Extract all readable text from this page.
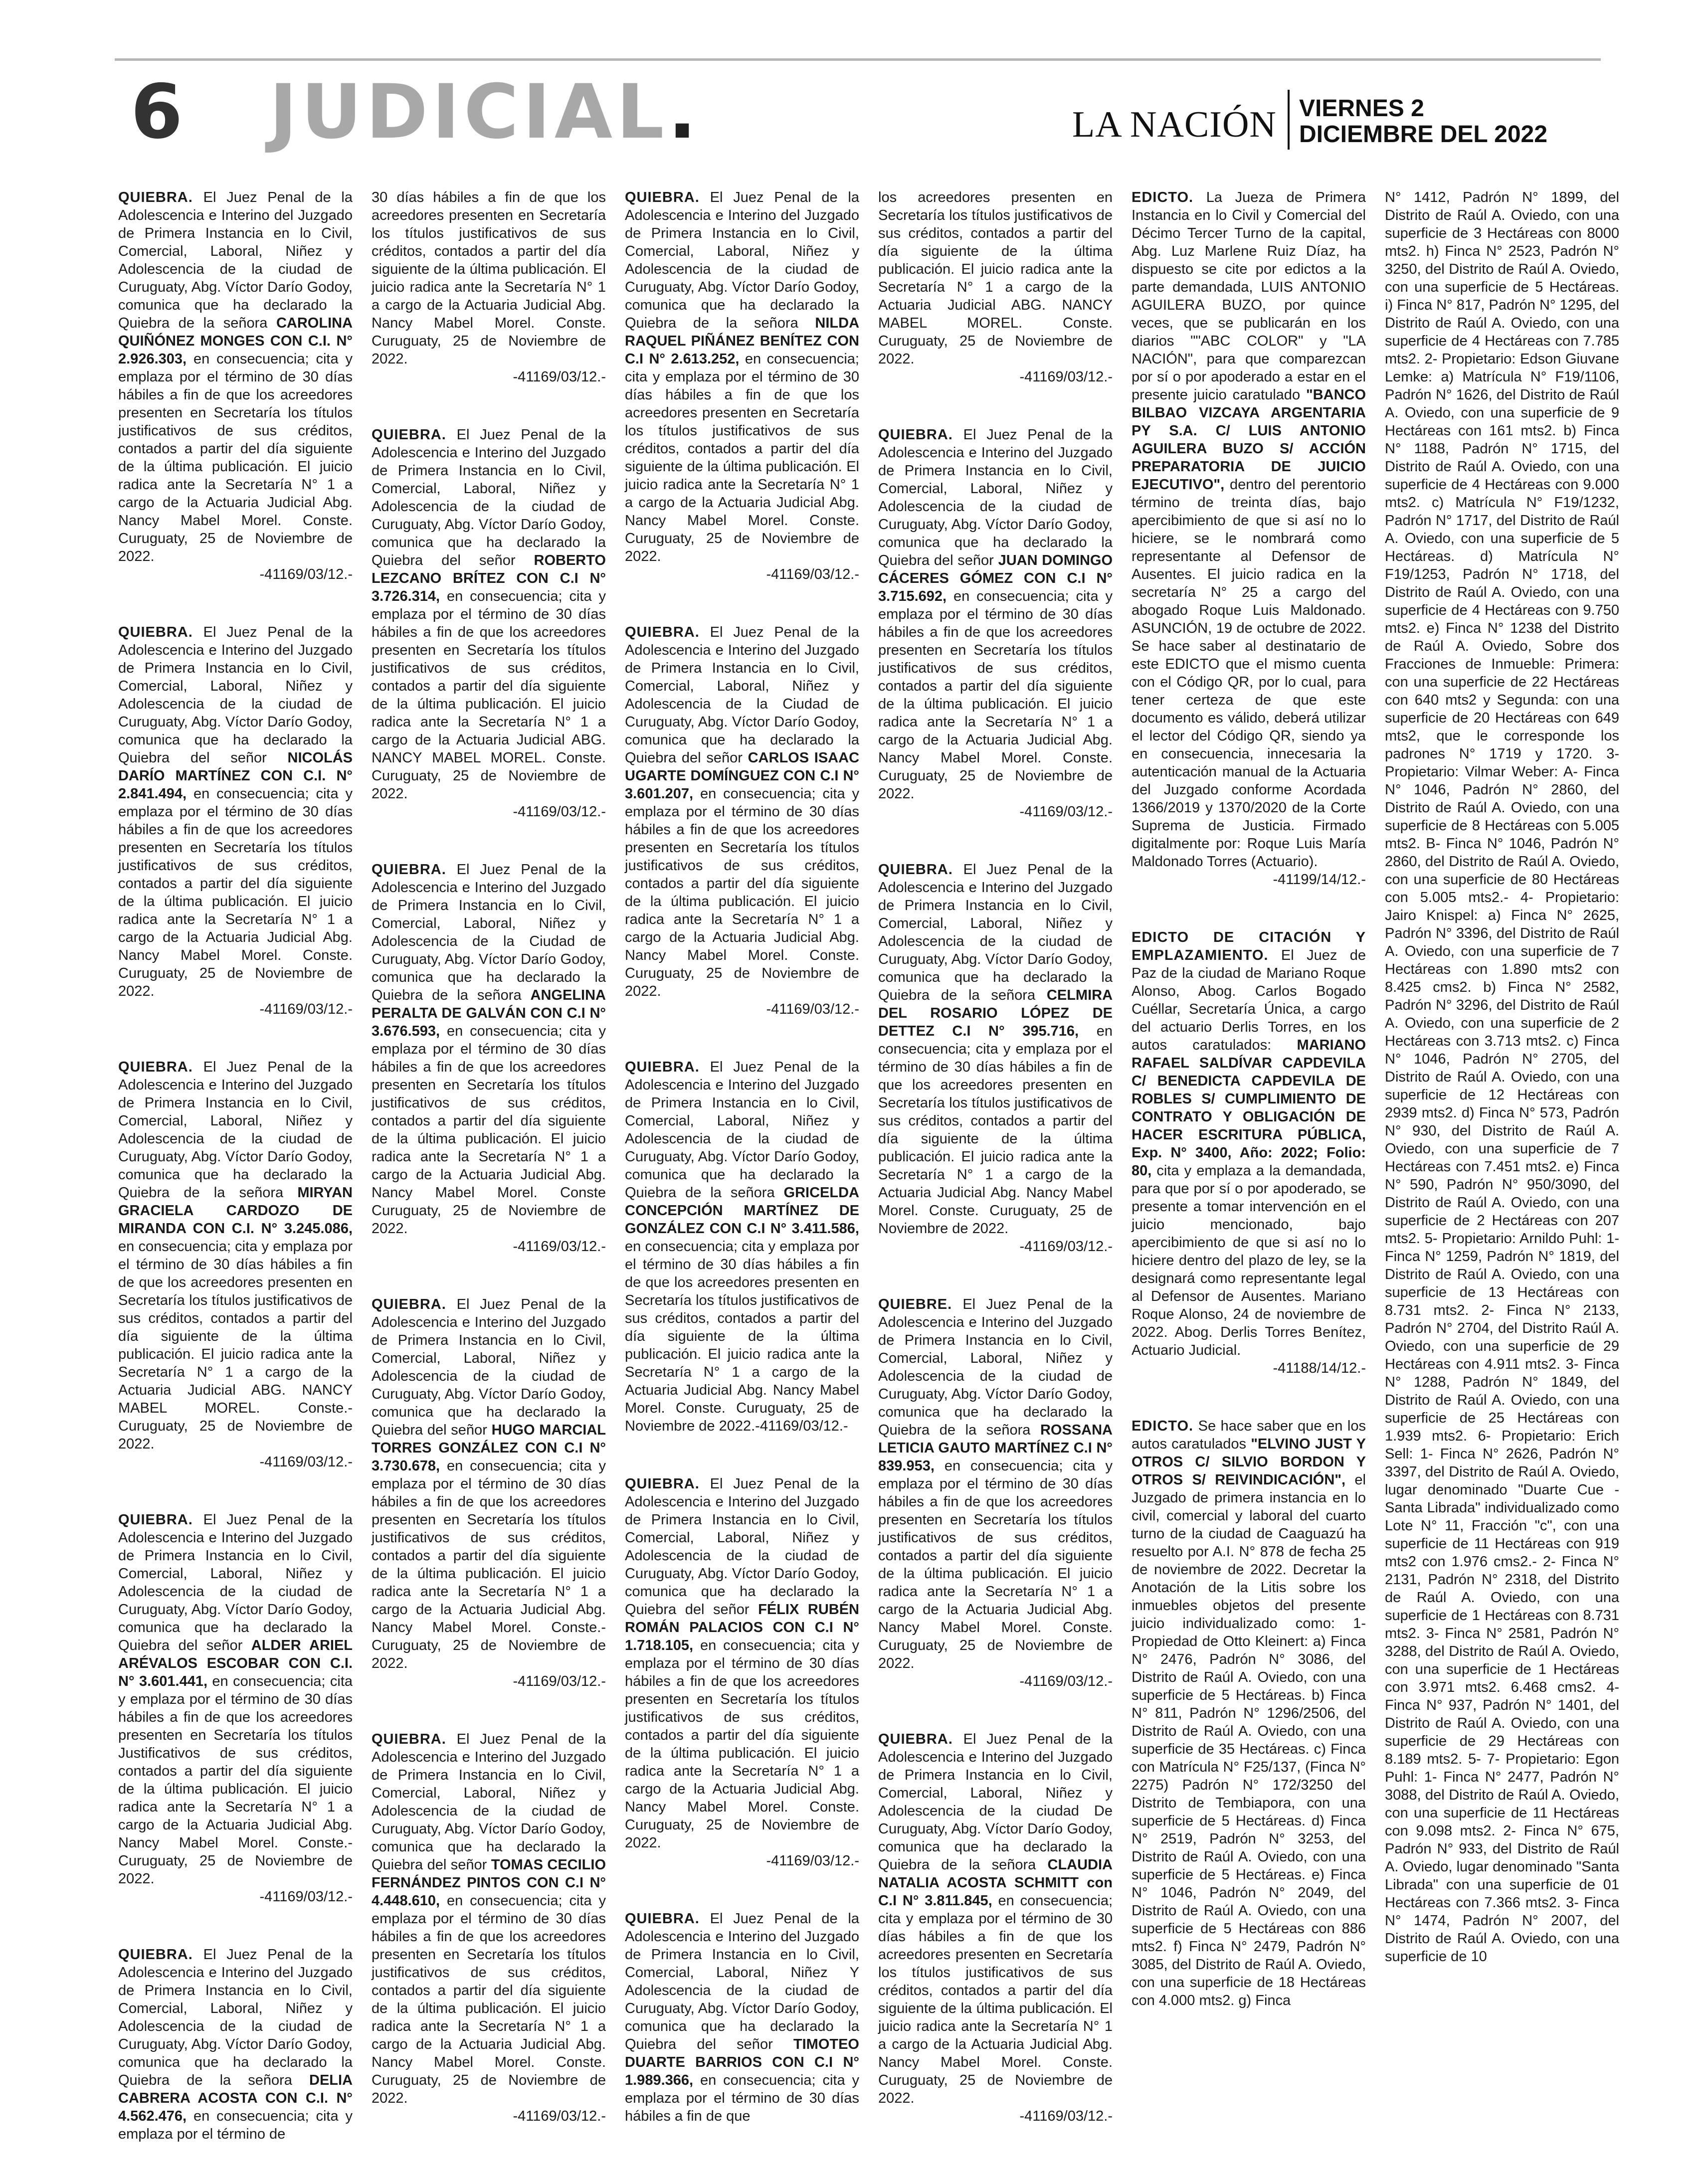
6 JUDICIAL.	LA NACIÓN VIERNES 2
DICIEMBRE DEL 2022

QUIEBRA. El Juez Penal de la Adolescencia e Interino del Juzgado de Primera Instancia en lo Civil, Comercial, Laboral, Niñez y Adolescencia de la ciudad de Curuguaty, Abg. Víctor Darío Godoy, comunica que ha declarado la Quiebra de la señora CAROLINA QUIÑÓNEZ MONGES CON C.I. N° 2.926.303, en consecuencia; cita y emplaza por el término de 30 días hábiles a fin de que los acreedores presenten en Secretaría los títulos justificativos de sus créditos, contados a partir del día siguiente de la última publicación. El juicio radica ante la Secretaría N° 1 a cargo de la Actuaria Judicial Abg. Nancy Mabel Morel. Conste. Curuguaty, 25 de Noviembre de 2022.
-41169/03/12.-

QUIEBRA. El Juez Penal de la Adolescencia e Interino del Juzgado de Primera Instancia en lo Civil, Comercial, Laboral, Niñez y Adolescencia de la ciudad de Curuguaty, Abg. Víctor Darío Godoy, comunica que ha declarado la Quiebra del señor NICOLÁS DARÍO MARTÍNEZ CON C.I. N° 2.841.494, en consecuencia; cita y emplaza por el término de 30 días hábiles a fin de que los acreedores presenten en Secretaría los títulos justificativos de sus créditos, contados a partir del día siguiente de la última publicación. El juicio radica ante la Secretaría N° 1 a cargo de la Actuaria Judicial Abg. Nancy Mabel Morel. Conste. Curuguaty, 25 de Noviembre de 2022.
-41169/03/12.-

QUIEBRA. El Juez Penal de la Adolescencia e Interino del Juzgado de Primera Instancia en lo Civil, Comercial, Laboral, Niñez y Adolescencia de la ciudad de Curuguaty, Abg. Víctor Darío Godoy, comunica que ha declarado la Quiebra de la señora MIRYAN GRACIELA CARDOZO DE MIRANDA CON C.I. N° 3.245.086, en consecuencia; cita y emplaza por el término de 30 días hábiles a fin de que los acreedores presenten en Secretaría los títulos justificativos de sus créditos, contados a partir del día siguiente de la última publicación. El juicio radica ante la Secretaría N° 1 a cargo de la Actuaria Judicial ABG. NANCY MABEL MOREL. Conste.- Curuguaty, 25 de Noviembre de 2022.
-41169/03/12.-

QUIEBRA. El Juez Penal de la Adolescencia e Interino del Juzgado de Primera Instancia en lo Civil, Comercial, Laboral, Niñez y Adolescencia de la ciudad de Curuguaty, Abg. Víctor Darío Godoy, comunica que ha declarado la Quiebra del señor ALDER ARIEL ARÉVALOS ESCOBAR CON C.I. N° 3.601.441, en consecuencia; cita y emplaza por el término de 30 días hábiles a fin de que los acreedores presenten en Secretaría los títulos Justificativos de sus créditos, contados a partir del día siguiente de la última publicación. El juicio radica ante la Secretaría N° 1 a cargo de la Actuaria Judicial Abg. Nancy Mabel Morel. Conste.- Curuguaty, 25 de Noviembre de 2022.
-41169/03/12.-

QUIEBRA. El Juez Penal de la Adolescencia e Interino del Juzgado de Primera Instancia en lo Civil, Comercial, Laboral, Niñez y Adolescencia de la ciudad de Curuguaty, Abg. Víctor Darío Godoy, comunica que ha declarado la Quiebra de la señora DELIA CABRERA ACOSTA CON C.I. N° 4.562.476, en consecuencia; cita y emplaza por el término de

30 días hábiles a fin de que los acreedores presenten en Secretaría los títulos justificativos de sus créditos, contados a partir del día siguiente de la última publicación. El juicio radica ante la Secretaría N° 1 a cargo de la Actuaria Judicial Abg. Nancy Mabel Morel. Conste. Curuguaty, 25 de Noviembre de 2022.
-41169/03/12.-

QUIEBRA. El Juez Penal de la Adolescencia e Interino del Juzgado de Primera Instancia en lo Civil, Comercial, Laboral, Niñez y Adolescencia de la ciudad de Curuguaty, Abg. Víctor Darío Godoy, comunica que ha declarado la Quiebra del señor ROBERTO LEZCANO BRÍTEZ CON C.I N° 3.726.314, en consecuencia; cita y emplaza por el término de 30 días hábiles a fin de que los acreedores presenten en Secretaría los títulos justificativos de sus créditos, contados a partir del día siguiente de la última publicación. El juicio radica ante la Secretaría N° 1 a cargo de la Actuaria Judicial ABG. NANCY MABEL MOREL. Conste. Curuguaty, 25 de Noviembre de 2022.
-41169/03/12.-

QUIEBRA. El Juez Penal de la Adolescencia e Interino del Juzgado de Primera Instancia en lo Civil, Comercial, Laboral, Niñez y Adolescencia de la Ciudad de Curuguaty, Abg. Víctor Darío Godoy, comunica que ha declarado la Quiebra de la señora ANGELINA PERALTA DE GALVÁN CON C.I N° 3.676.593, en consecuencia; cita y emplaza por el término de 30 días hábiles a fin de que los acreedores presenten en Secretaría los títulos justificativos de sus créditos, contados a partir del día siguiente de la última publicación. El juicio radica ante la Secretaría N° 1 a cargo de la Actuaria Judicial Abg. Nancy Mabel Morel. Conste Curuguaty, 25 de Noviembre de 2022.
-41169/03/12.-

QUIEBRA. El Juez Penal de la Adolescencia e Interino del Juzgado de Primera Instancia en lo Civil, Comercial, Laboral, Niñez y Adolescencia de la ciudad de Curuguaty, Abg. Víctor Darío Godoy, comunica que ha declarado la Quiebra del señor HUGO MARCIAL TORRES GONZÁLEZ CON C.I N° 3.730.678, en consecuencia; cita y emplaza por el término de 30 días hábiles a fin de que los acreedores presenten en Secretaría los títulos justificativos de sus créditos, contados a partir del día siguiente de la última publicación. El juicio radica ante la Secretaría N° 1 a cargo de la Actuaria Judicial Abg. Nancy Mabel Morel. Conste.- Curuguaty, 25 de Noviembre de 2022.
-41169/03/12.-

QUIEBRA. El Juez Penal de la Adolescencia e Interino del Juzgado de Primera Instancia en lo Civil, Comercial, Laboral, Niñez y Adolescencia de la ciudad de Curuguaty, Abg. Víctor Darío Godoy, comunica que ha declarado la Quiebra del señor TOMAS CECILIO FERNÁNDEZ PINTOS CON C.I N° 4.448.610, en consecuencia; cita y emplaza por el término de 30 días hábiles a fin de que los acreedores presenten en Secretaría los títulos justificativos de sus créditos, contados a partir del día siguiente de la última publicación. El juicio radica ante la Secretaría N° 1 a cargo de la Actuaria Judicial Abg. Nancy Mabel Morel. Conste. Curuguaty, 25 de Noviembre de 2022.
-41169/03/12.-

QUIEBRA. El Juez Penal de la Adolescencia e Interino del Juzgado de Primera Instancia en lo Civil, Comercial, Laboral, Niñez y Adolescencia de la ciudad de Curuguaty, Abg. Víctor Darío Godoy, comunica que ha declarado la Quiebra de la señora NILDA RAQUEL PIÑÁNEZ BENÍTEZ CON C.I N° 2.613.252, en consecuencia; cita y emplaza por el término de 30 días hábiles a fin de que los acreedores presenten en Secretaría los títulos justificativos de sus créditos, contados a partir del día siguiente de la última publicación. El juicio radica ante la Secretaría N° 1 a cargo de la Actuaria Judicial Abg. Nancy Mabel Morel. Conste. Curuguaty, 25 de Noviembre de 2022.
-41169/03/12.-

QUIEBRA. El Juez Penal de la Adolescencia e Interino del Juzgado de Primera Instancia en lo Civil, Comercial, Laboral, Niñez y Adolescencia de la Ciudad de Curuguaty, Abg. Víctor Darío Godoy, comunica que ha declarado la Quiebra del señor CARLOS ISAAC UGARTE DOMÍNGUEZ CON C.I N° 3.601.207, en consecuencia; cita y emplaza por el término de 30 días hábiles a fin de que los acreedores presenten en Secretaría los títulos justificativos de sus créditos, contados a partir del día siguiente de la última publicación. El juicio radica ante la Secretaría N° 1 a cargo de la Actuaria Judicial Abg. Nancy Mabel Morel. Conste. Curuguaty, 25 de Noviembre de 2022.
-41169/03/12.-

QUIEBRA. El Juez Penal de la Adolescencia e Interino del Juzgado de Primera Instancia en lo Civil, Comercial, Laboral, Niñez y Adolescencia de la ciudad de Curuguaty, Abg. Víctor Darío Godoy, comunica que ha declarado la Quiebra de la señora GRICELDA CONCEPCIÓN MARTÍNEZ DE GONZÁLEZ CON C.I N° 3.411.586, en consecuencia; cita y emplaza por el término de 30 días hábiles a fin de que los acreedores presenten en Secretaría los títulos justificativos de sus créditos, contados a partir del día siguiente de la última publicación. El juicio radica ante la Secretaría N° 1 a cargo de la Actuaria Judicial Abg. Nancy Mabel Morel. Conste. Curuguaty, 25 de Noviembre de 2022.-41169/03/12.-

QUIEBRA. El Juez Penal de la Adolescencia e Interino del Juzgado de Primera Instancia en lo Civil, Comercial, Laboral, Niñez y Adolescencia de la ciudad de Curuguaty, Abg. Víctor Darío Godoy, comunica que ha declarado la Quiebra del señor FÉLIX RUBÉN ROMÁN PALACIOS CON C.I N° 1.718.105, en consecuencia; cita y emplaza por el término de 30 días hábiles a fin de que los acreedores presenten en Secretaría los títulos justificativos de sus créditos, contados a partir del día siguiente de la última publicación. El juicio radica ante la Secretaría N° 1 a cargo de la Actuaria Judicial Abg. Nancy Mabel Morel. Conste. Curuguaty, 25 de Noviembre de 2022.
-41169/03/12.-

QUIEBRA. El Juez Penal de la Adolescencia e Interino del Juzgado de Primera Instancia en lo Civil, Comercial, Laboral, Niñez Y Adolescencia de la ciudad de Curuguaty, Abg. Víctor Darío Godoy, comunica que ha declarado la Quiebra del señor TIMOTEO DUARTE BARRIOS CON C.I N° 1.989.366, en consecuencia; cita y emplaza por el término de 30 días hábiles a fin de que

los acreedores presenten en Secretaría los títulos justificativos de sus créditos, contados a partir del día siguiente de la última publicación. El juicio radica ante la Secretaría N° 1 a cargo de la Actuaria Judicial ABG. NANCY MABEL MOREL. Conste. Curuguaty, 25 de Noviembre de 2022.
-41169/03/12.-

QUIEBRA. El Juez Penal de la Adolescencia e Interino del Juzgado de Primera Instancia en lo Civil, Comercial, Laboral, Niñez y Adolescencia de la ciudad de Curuguaty, Abg. Víctor Darío Godoy, comunica que ha declarado la Quiebra del señor JUAN DOMINGO CÁCERES GÓMEZ CON C.I N° 3.715.692, en consecuencia; cita y emplaza por el término de 30 días hábiles a fin de que los acreedores presenten en Secretaría los títulos justificativos de sus créditos, contados a partir del día siguiente de la última publicación. El juicio radica ante la Secretaría N° 1 a cargo de la Actuaria Judicial Abg. Nancy Mabel Morel. Conste. Curuguaty, 25 de Noviembre de 2022.
-41169/03/12.-

QUIEBRA. El Juez Penal de la Adolescencia e Interino del Juzgado de Primera Instancia en lo Civil, Comercial, Laboral, Niñez y Adolescencia de la ciudad de Curuguaty, Abg. Víctor Darío Godoy, comunica que ha declarado la Quiebra de la señora CELMIRA DEL ROSARIO LÓPEZ DE DETTEZ C.I N° 395.716, en consecuencia; cita y emplaza por el término de 30 días hábiles a fin de que los acreedores presenten en Secretaría los títulos justificativos de sus créditos, contados a partir del día siguiente de la última publicación. El juicio radica ante la Secretaría N° 1 a cargo de la Actuaria Judicial Abg. Nancy Mabel Morel. Conste. Curuguaty, 25 de Noviembre de 2022.
-41169/03/12.-

QUIEBRE. El Juez Penal de la Adolescencia e Interino del Juzgado de Primera Instancia en lo Civil, Comercial, Laboral, Niñez y Adolescencia de la ciudad de Curuguaty, Abg. Víctor Darío Godoy, comunica que ha declarado la Quiebra de la señora ROSSANA LETICIA GAUTO MARTÍNEZ C.I N° 839.953, en consecuencia; cita y emplaza por el término de 30 días hábiles a fin de que los acreedores presenten en Secretaría los títulos justificativos de sus créditos, contados a partir del día siguiente de la última publicación. El juicio radica ante la Secretaría N° 1 a cargo de la Actuaria Judicial Abg. Nancy Mabel Morel. Conste. Curuguaty, 25 de Noviembre de 2022.
-41169/03/12.-

QUIEBRA. El Juez Penal de la Adolescencia e Interino del Juzgado de Primera Instancia en lo Civil, Comercial, Laboral, Niñez y Adolescencia de la ciudad De Curuguaty, Abg. Víctor Darío Godoy, comunica que ha declarado la Quiebra de la señora CLAUDIA NATALIA ACOSTA SCHMITT con C.I N° 3.811.845, en consecuencia; cita y emplaza por el término de 30 días hábiles a fin de que los acreedores presenten en Secretaría los títulos justificativos de sus créditos, contados a partir del día siguiente de la última publicación. El juicio radica ante la Secretaría N° 1 a cargo de la Actuaria Judicial Abg. Nancy Mabel Morel. Conste. Curuguaty, 25 de Noviembre de 2022.
-41169/03/12.-

EDICTO. La Jueza de Primera Instancia en lo Civil y Comercial del Décimo Tercer Turno de la capital, Abg. Luz Marlene Ruiz Díaz, ha dispuesto se cite por edictos a la parte demandada, LUIS ANTONIO AGUILERA BUZO, por quince veces, que se publicarán en los diarios ""ABC COLOR" y "LA NACIÓN", para que comparezcan por sí o por apoderado a estar en el presente juicio caratulado "BANCO BILBAO VIZCAYA ARGENTARIA PY S.A. C/ LUIS ANTONIO AGUILERA BUZO S/ ACCIÓN PREPARATORIA DE JUICIO EJECUTIVO", dentro del perentorio término de treinta días, bajo apercibimiento de que si así no lo hiciere, se le nombrará como representante al Defensor de Ausentes. El juicio radica en la secretaría N° 25 a cargo del abogado Roque Luis Maldonado. ASUNCIÓN, 19 de octubre de 2022. Se hace saber al destinatario de este EDICTO que el mismo cuenta con el Código QR, por lo cual, para tener certeza de que este documento es válido, deberá utilizar el lector del Código QR, siendo ya en consecuencia, innecesaria la autenticación manual de la Actuaria del Juzgado conforme Acordada 1366/2019 y 1370/2020 de la Corte Suprema de Justicia. Firmado digitalmente por: Roque Luis María Maldonado Torres (Actuario).
-41199/14/12.-

EDICTO DE CITACIÓN Y EMPLAZAMIENTO. El Juez de Paz de la ciudad de Mariano Roque Alonso, Abog. Carlos Bogado Cuéllar, Secretaría Única, a cargo del actuario Derlis Torres, en los autos caratulados: MARIANO RAFAEL SALDÍVAR CAPDEVILA C/ BENEDICTA CAPDEVILA DE ROBLES S/ CUMPLIMIENTO DE CONTRATO Y OBLIGACIÓN DE HACER ESCRITURA PÚBLICA, Exp. N° 3400, Año: 2022; Folio: 80, cita y emplaza a la demandada, para que por sí o por apoderado, se presente a tomar intervención en el juicio mencionado, bajo apercibimiento de que si así no lo hiciere dentro del plazo de ley, se la designará como representante legal al Defensor de Ausentes. Mariano Roque Alonso, 24 de noviembre de 2022. Abog. Derlis Torres Benítez, Actuario Judicial.
-41188/14/12.-

EDICTO. Se hace saber que en los autos caratulados "ELVINO JUST Y OTROS C/ SILVIO BORDON Y OTROS S/ REIVINDICACIÓN", el Juzgado de primera instancia en lo civil, comercial y laboral del cuarto turno de la ciudad de Caaguazú ha resuelto por A.I. N° 878 de fecha 25 de noviembre de 2022. Decretar la Anotación de la Litis sobre los inmuebles objetos del presente juicio individualizado como: 1- Propiedad de Otto Kleinert: a) Finca N° 2476, Padrón N° 3086, del Distrito de Raúl A. Oviedo, con una superficie de 5 Hectáreas. b) Finca N° 811, Padrón N° 1296/2506, del Distrito de Raúl A. Oviedo, con una superficie de 35 Hectáreas. c) Finca con Matrícula N° F25/137, (Finca N° 2275) Padrón N° 172/3250 del Distrito de Tembiapora, con una superficie de 5 Hectáreas. d) Finca N° 2519, Padrón N° 3253, del Distrito de Raúl A. Oviedo, con una superficie de 5 Hectáreas. e) Finca N° 1046, Padrón N° 2049, del Distrito de Raúl A. Oviedo, con una superficie de 5 Hectáreas con 886 mts2. f) Finca N° 2479, Padrón N° 3085, del Distrito de Raúl A. Oviedo, con una superficie de 18 Hectáreas con 4.000 mts2. g) Finca

N° 1412, Padrón N° 1899, del Distrito de Raúl A. Oviedo, con una superficie de 3 Hectáreas con 8000 mts2. h) Finca N° 2523, Padrón N° 3250, del Distrito de Raúl A. Oviedo, con una superficie de 5 Hectáreas. i) Finca N° 817, Padrón N° 1295, del Distrito de Raúl A. Oviedo, con una superficie de 4 Hectáreas con 7.785 mts2. 2- Propietario: Edson Giuvane Lemke: a) Matrícula N° F19/1106, Padrón N° 1626, del Distrito de Raúl A. Oviedo, con una superficie de 9 Hectáreas con 161 mts2. b) Finca N° 1188, Padrón N° 1715, del Distrito de Raúl A. Oviedo, con una superficie de 4 Hectáreas con 9.000 mts2. c) Matrícula N° F19/1232, Padrón N° 1717, del Distrito de Raúl A. Oviedo, con una superficie de 5 Hectáreas. d) Matrícula N° F19/1253, Padrón N° 1718, del Distrito de Raúl A. Oviedo, con una superficie de 4 Hectáreas con 9.750 mts2. e) Finca N° 1238 del Distrito de Raúl A. Oviedo, Sobre dos Fracciones de Inmueble: Primera: con una superficie de 22 Hectáreas con 640 mts2 y Segunda: con una superficie de 20 Hectáreas con 649 mts2, que le corresponde los padrones N° 1719 y 1720. 3- Propietario: Vilmar Weber: A- Finca N° 1046, Padrón N° 2860, del Distrito de Raúl A. Oviedo, con una superficie de 8 Hectáreas con 5.005 mts2. B- Finca N° 1046, Padrón N° 2860, del Distrito de Raúl A. Oviedo, con una superficie de 80 Hectáreas con 5.005 mts2.- 4- Propietario: Jairo Knispel: a) Finca N° 2625, Padrón N° 3396, del Distrito de Raúl A. Oviedo, con una superficie de 7 Hectáreas con 1.890 mts2 con 8.425 cms2. b) Finca N° 2582, Padrón N° 3296, del Distrito de Raúl A. Oviedo, con una superficie de 2 Hectáreas con 3.713 mts2. c) Finca N° 1046, Padrón N° 2705, del Distrito de Raúl A. Oviedo, con una superficie de 12 Hectáreas con 2939 mts2. d) Finca N° 573, Padrón N° 930, del Distrito de Raúl A. Oviedo, con una superficie de 7 Hectáreas con 7.451 mts2. e) Finca N° 590, Padrón N° 950/3090, del Distrito de Raúl A. Oviedo, con una superficie de 2 Hectáreas con 207 mts2. 5- Propietario: Arnildo Puhl: 1- Finca N° 1259, Padrón N° 1819, del Distrito de Raúl A. Oviedo, con una superficie de 13 Hectáreas con 8.731 mts2. 2- Finca N° 2133, Padrón N° 2704, del Distrito Raúl A. Oviedo, con una superficie de 29 Hectáreas con 4.911 mts2. 3- Finca N° 1288, Padrón N° 1849, del Distrito de Raúl A. Oviedo, con una superficie de 25 Hectáreas con 1.939 mts2. 6- Propietario: Erich Sell: 1- Finca N° 2626, Padrón N° 3397, del Distrito de Raúl A. Oviedo, lugar denominado "Duarte Cue - Santa Librada" individualizado como Lote N° 11, Fracción "c", con una superficie de 11 Hectáreas con 919 mts2 con 1.976 cms2.- 2- Finca N° 2131, Padrón N° 2318, del Distrito de Raúl A. Oviedo, con una superficie de 1 Hectáreas con 8.731 mts2. 3- Finca N° 2581, Padrón N° 3288, del Distrito de Raúl A. Oviedo, con una superficie de 1 Hectáreas con 3.971 mts2. 6.468 cms2. 4- Finca N° 937, Padrón N° 1401, del Distrito de Raúl A. Oviedo, con una superficie de 29 Hectáreas con 8.189 mts2. 5- 7- Propietario: Egon Puhl: 1- Finca N° 2477, Padrón N° 3088, del Distrito de Raúl A. Oviedo, con una superficie de 11 Hectáreas con 9.098 mts2. 2- Finca N° 675, Padrón N° 933, del Distrito de Raúl A. Oviedo, lugar denominado "Santa Librada" con una superficie de 01 Hectáreas con 7.366 mts2. 3- Finca N° 1474, Padrón N° 2007, del Distrito de Raúl A. Oviedo, con una superficie de 10
